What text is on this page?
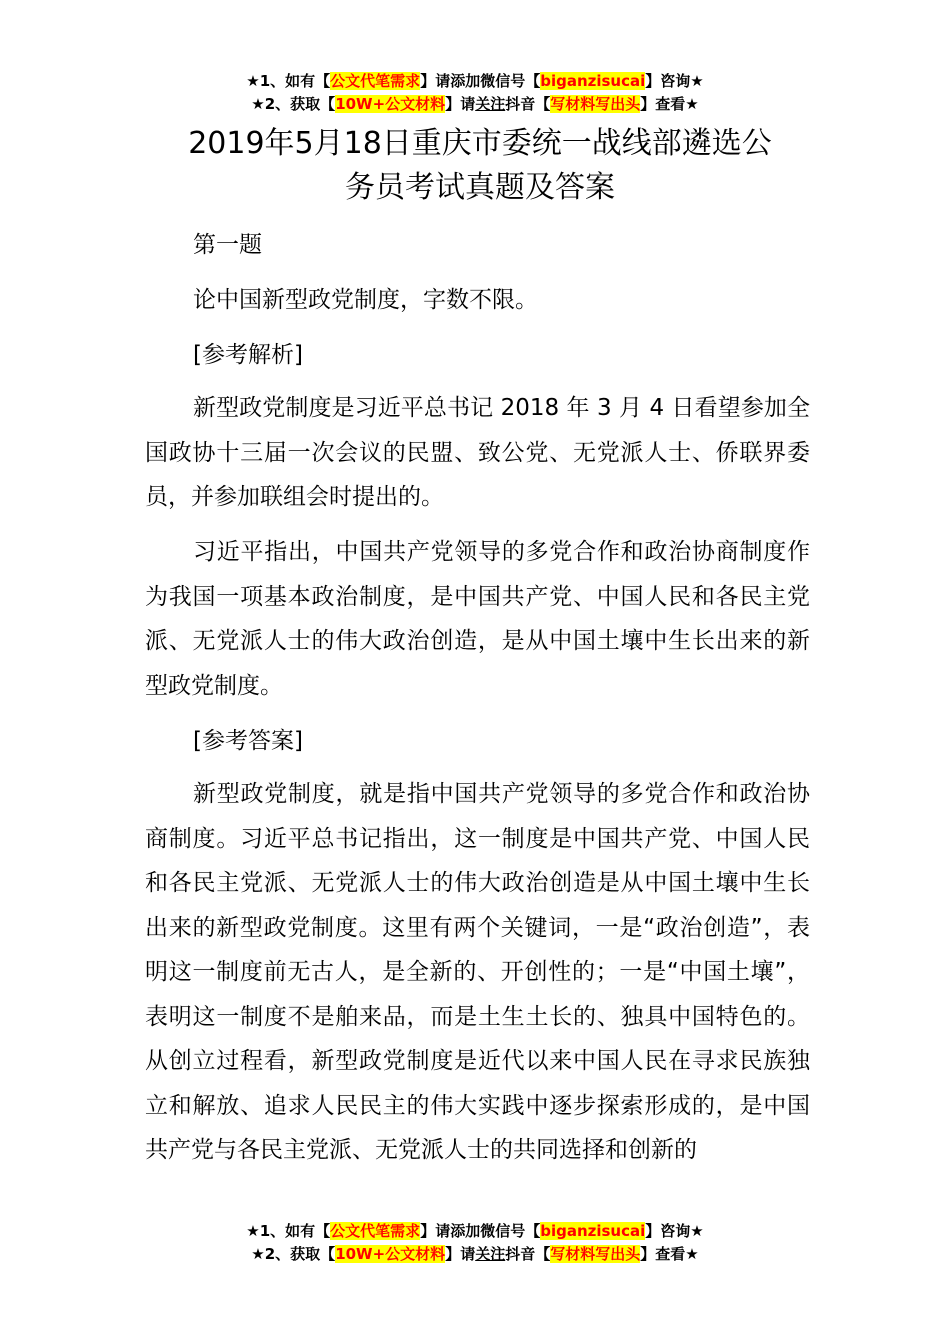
★1、如有【公文代笔需求】请添加微信号【biganzisucai】咨询★
★2、获取【10W+公文材料】请关注抖音【写材料写出头】查看★
2019年5月18日重庆市委统一战线部遴选公
务员考试真题及答案

第一题

论中国新型政党制度，字数不限。

[参考解析]

新型政党制度是习近平总书记 2018 年 3 月 4 日看望参加全国政协十三届一次会议的民盟、致公党、无党派人士、侨联界委员，并参加联组会时提出的。

习近平指出，中国共产党领导的多党合作和政治协商制度作为我国一项基本政治制度，是中国共产党、中国人民和各民主党派、无党派人士的伟大政治创造，是从中国土壤中生长出来的新型政党制度。

[参考答案]

新型政党制度，就是指中国共产党领导的多党合作和政治协商制度。习近平总书记指出，这一制度是中国共产党、中国人民和各民主党派、无党派人士的伟大政治创造是从中国土壤中生长出来的新型政党制度。这里有两个关键词，一是“政治创造”，表明这一制度前无古人，是全新的、开创性的；一是“中国土壤”，表明这一制度不是舶来品，而是土生土长的、独具中国特色的。从创立过程看，新型政党制度是近代以来中国人民在寻求民族独立和解放、追求人民民主的伟大实践中逐步探索形成的，是中国共产党与各民主党派、无党派人士的共同选择和创新的

★1、如有【公文代笔需求】请添加微信号【biganzisucai】咨询★
★2、获取【10W+公文材料】请关注抖音【写材料写出头】查看★
